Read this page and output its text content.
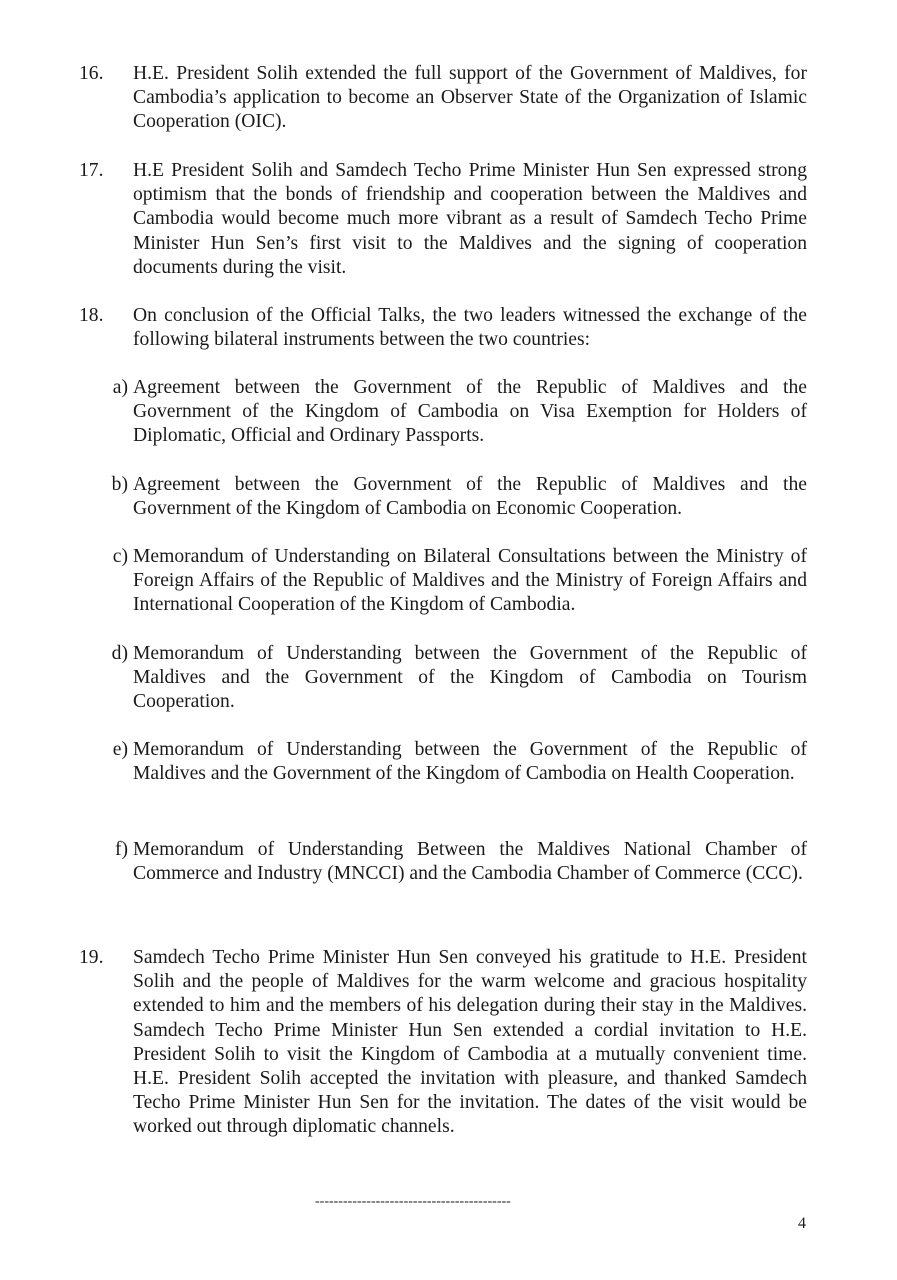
16. H.E. President Solih extended the full support of the Government of Maldives, for Cambodia’s application to become an Observer State of the Organization of Islamic Cooperation (OIC).
17. H.E President Solih and Samdech Techo Prime Minister Hun Sen expressed strong optimism that the bonds of friendship and cooperation between the Maldives and Cambodia would become much more vibrant as a result of Samdech Techo Prime Minister Hun Sen’s first visit to the Maldives and the signing of cooperation documents during the visit.
18. On conclusion of the Official Talks, the two leaders witnessed the exchange of the following bilateral instruments between the two countries:
a) Agreement between the Government of the Republic of Maldives and the Government of the Kingdom of Cambodia on Visa Exemption for Holders of Diplomatic, Official and Ordinary Passports.
b) Agreement between the Government of the Republic of Maldives and the Government of the Kingdom of Cambodia on Economic Cooperation.
c) Memorandum of Understanding on Bilateral Consultations between the Ministry of Foreign Affairs of the Republic of Maldives and the Ministry of Foreign Affairs and International Cooperation of the Kingdom of Cambodia.
d) Memorandum of Understanding between the Government of the Republic of Maldives and the Government of the Kingdom of Cambodia on Tourism Cooperation.
e) Memorandum of Understanding between the Government of the Republic of Maldives and the Government of the Kingdom of Cambodia on Health Cooperation.
f) Memorandum of Understanding Between the Maldives National Chamber of Commerce and Industry (MNCCI) and the Cambodia Chamber of Commerce (CCC).
19. Samdech Techo Prime Minister Hun Sen conveyed his gratitude to H.E. President Solih and the people of Maldives for the warm welcome and gracious hospitality extended to him and the members of his delegation during their stay in the Maldives. Samdech Techo Prime Minister Hun Sen extended a cordial invitation to H.E. President Solih to visit the Kingdom of Cambodia at a mutually convenient time. H.E. President Solih accepted the invitation with pleasure, and thanked Samdech Techo Prime Minister Hun Sen for the invitation. The dates of the visit would be worked out through diplomatic channels.
------------------------------------------
4
